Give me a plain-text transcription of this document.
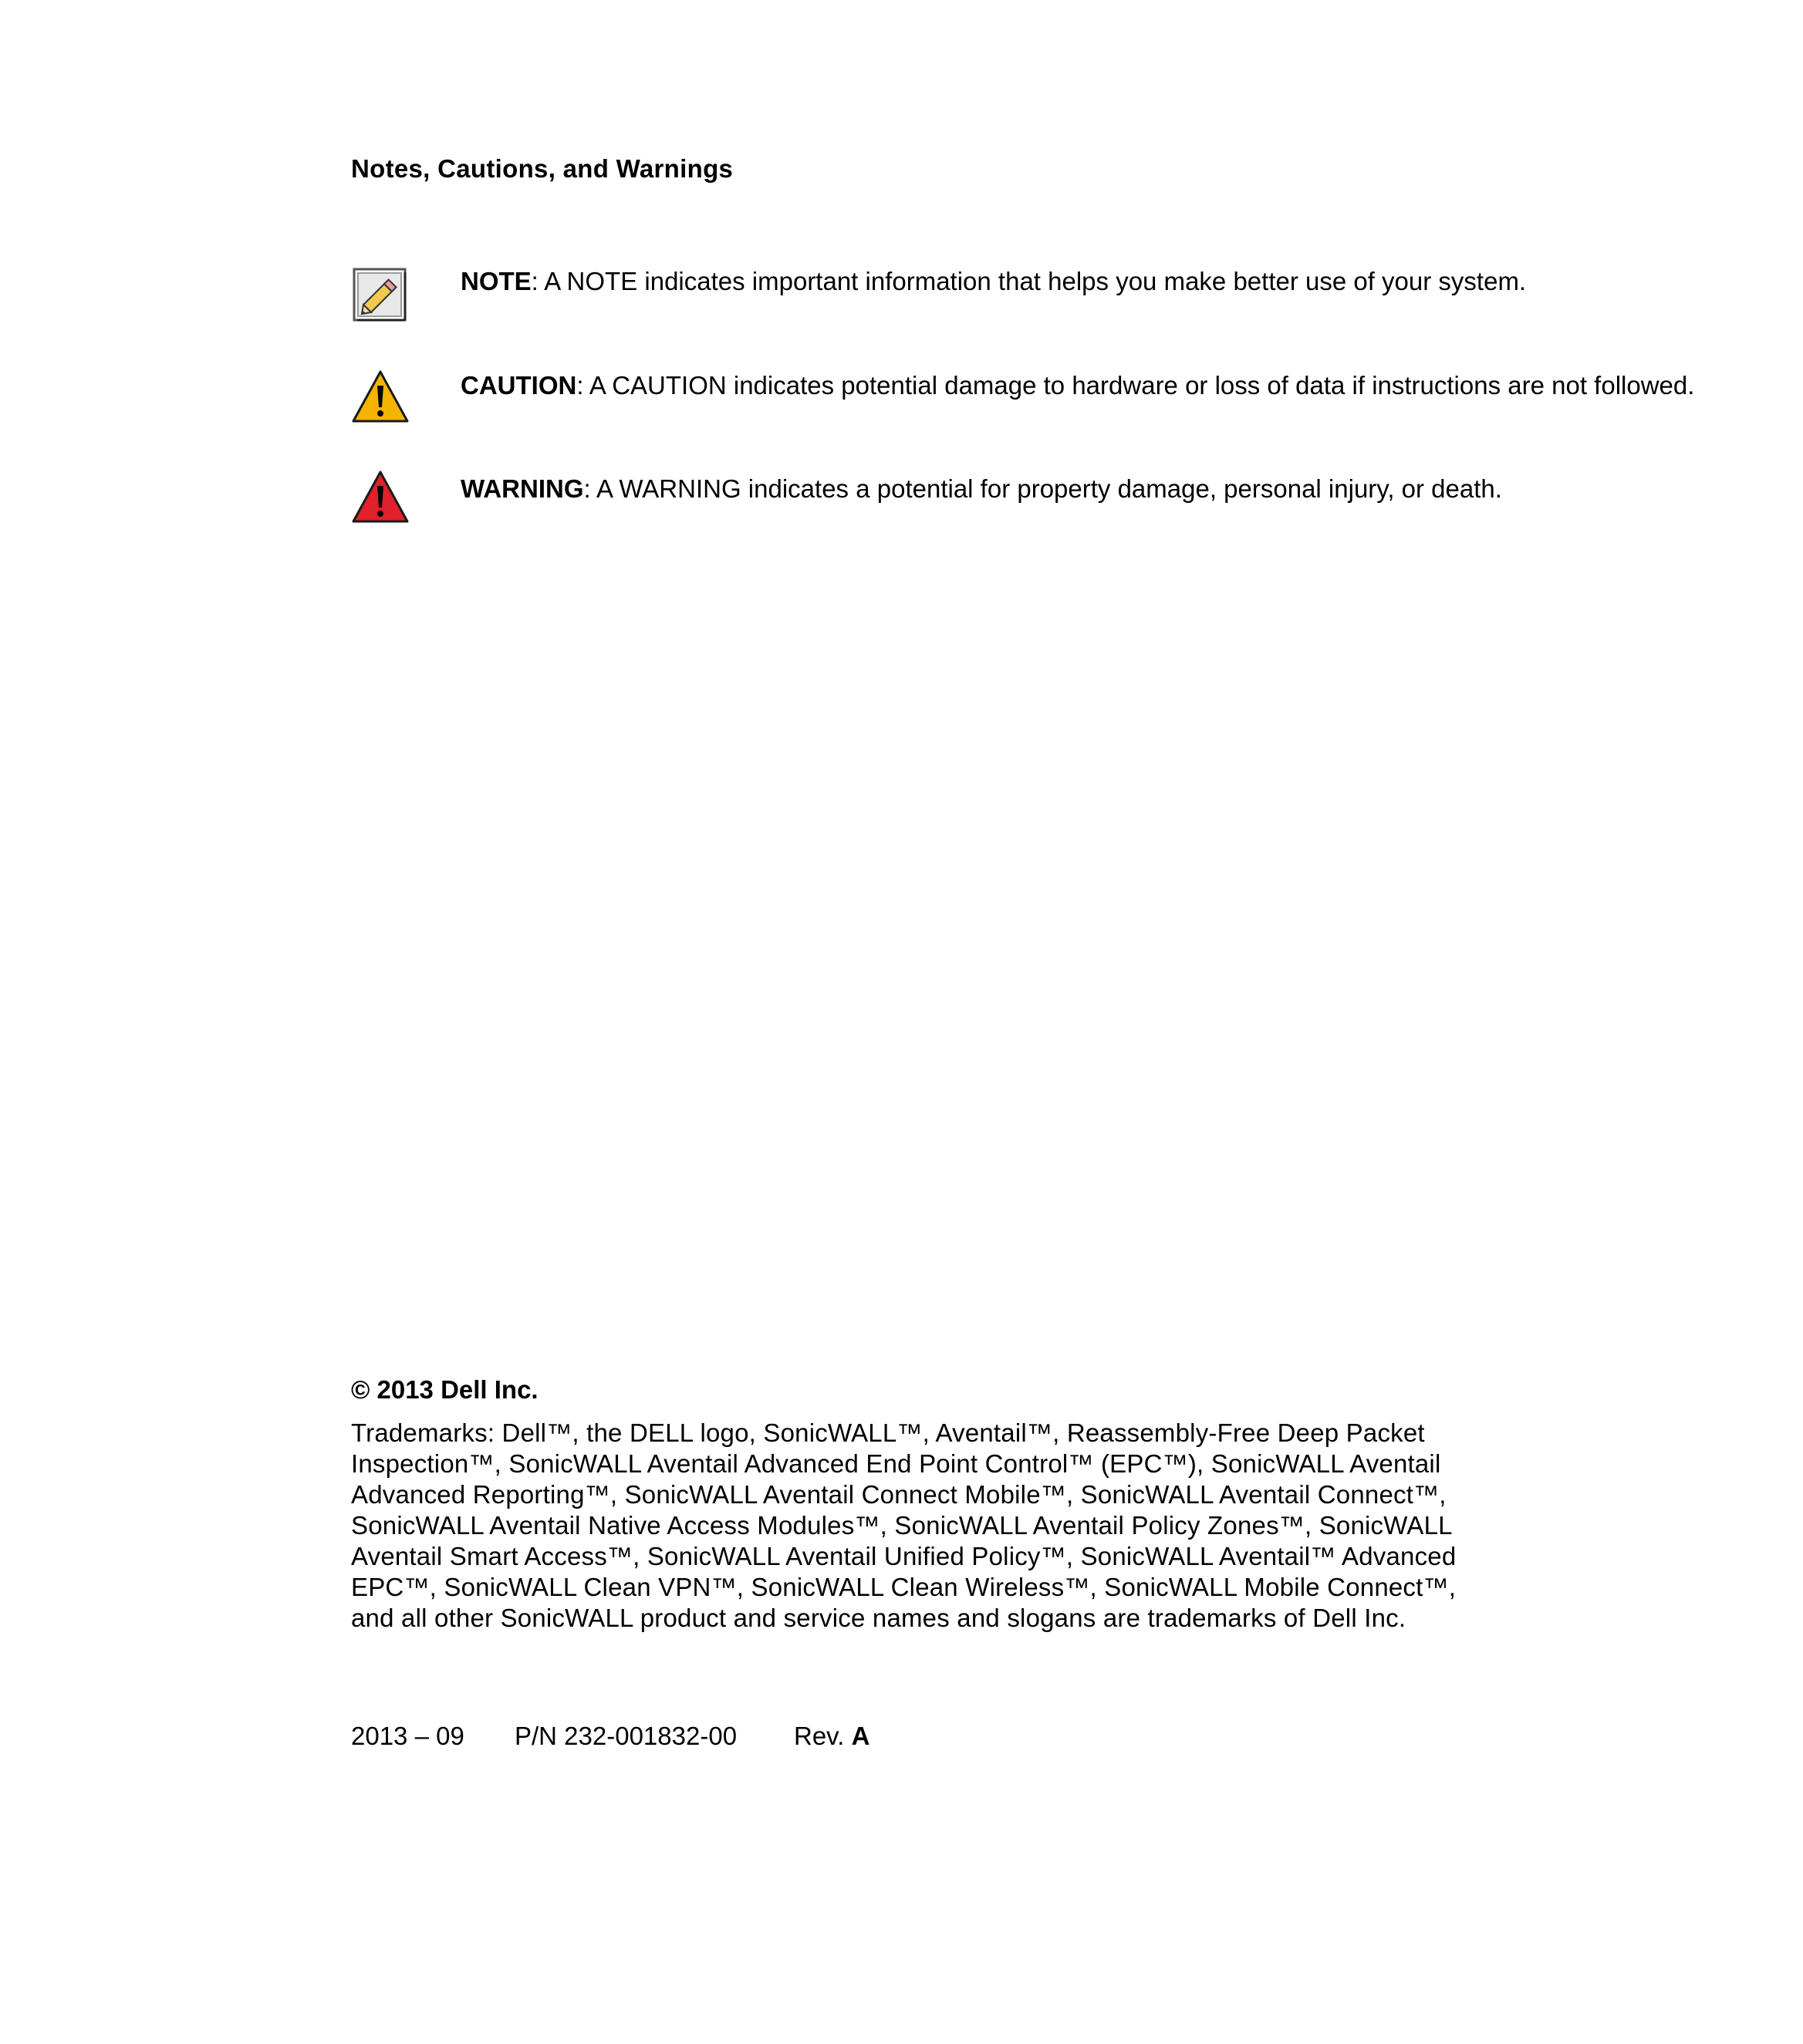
Notes, Cautions, and Warnings
NOTE: A NOTE indicates important information that helps you make better use of your system.
CAUTION: A CAUTION indicates potential damage to hardware or loss of data if instructions are not followed.
WARNING: A WARNING indicates a potential for property damage, personal injury, or death.
© 2013 Dell Inc.
Trademarks: Dell™, the DELL logo, SonicWALL™, Aventail™, Reassembly-Free Deep Packet Inspection™, SonicWALL Aventail Advanced End Point Control™ (EPC™), SonicWALL Aventail Advanced Reporting™, SonicWALL Aventail Connect Mobile™, SonicWALL Aventail Connect™, SonicWALL Aventail Native Access Modules™, SonicWALL Aventail Policy Zones™, SonicWALL Aventail Smart Access™, SonicWALL Aventail Unified Policy™, SonicWALL Aventail™ Advanced EPC™, SonicWALL Clean VPN™, SonicWALL Clean Wireless™, SonicWALL Mobile Connect™, and all other SonicWALL product and service names and slogans are trademarks of Dell Inc.
2013 – 09 P/N 232-001832-00 Rev. A
